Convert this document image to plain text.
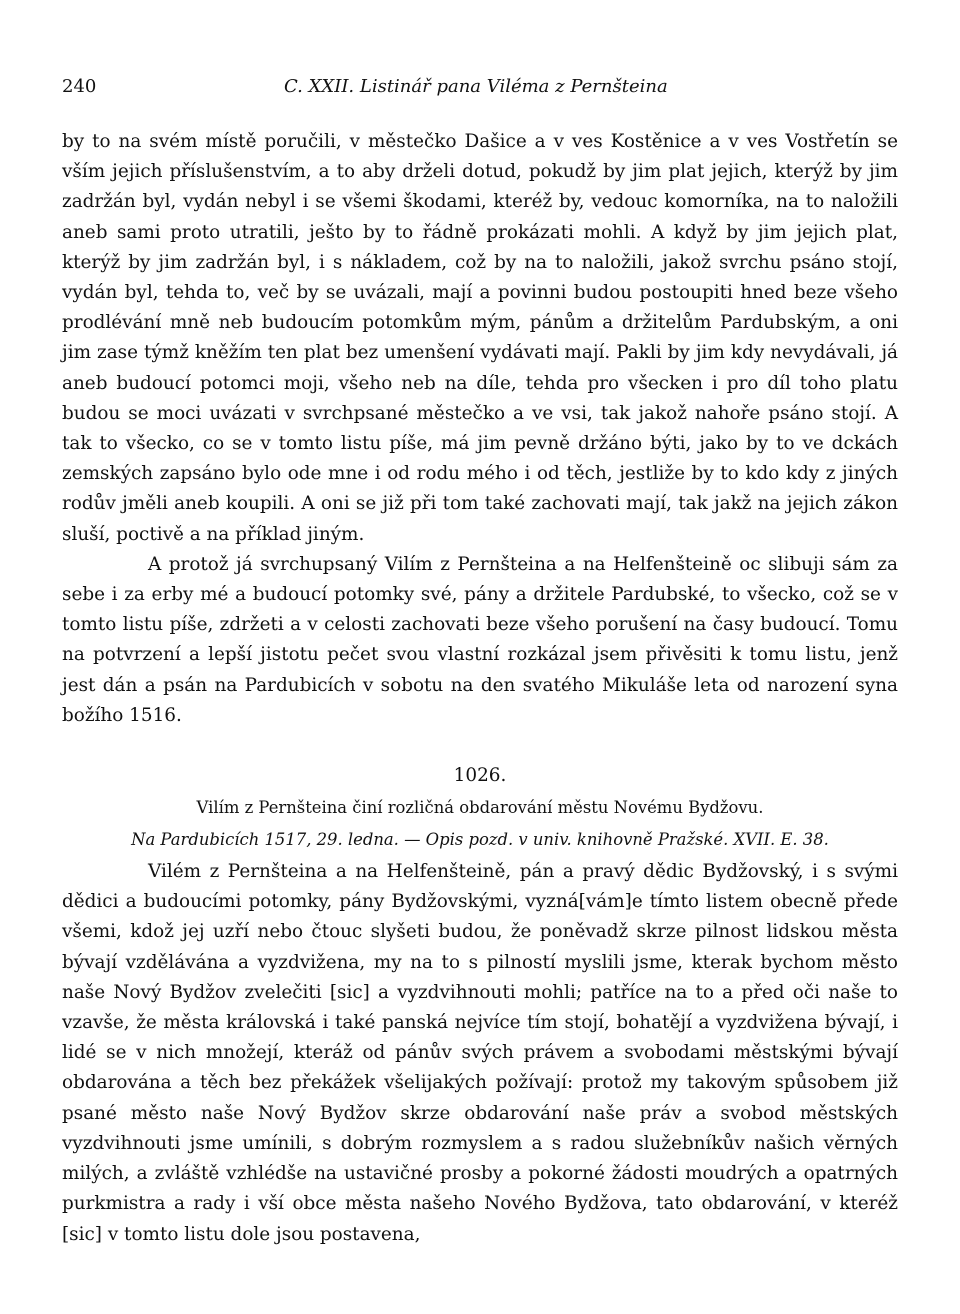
240	C. XXII. Listinář pana Viléma z Pernšteina

by to na svém místě poručili, v městečko Dašice a v ves Kostěnice a v ves Vostřetín se vším jejich příslušenstvím, a to aby drželi dotud, pokudž by jim plat jejich, kterýž by jim zadržán byl, vydán nebyl i se všemi škodami, kteréž by, vedouc komorníka, na to naložili aneb sami proto utratili, ješto by to řádně prokázati mohli. A když by jim jejich plat, kterýž by jim zadržán byl, i s nákladem, což by na to naložili, jakož svrchu psáno stojí, vydán byl, tehda to, več by se uvázali, mají a povinni budou postoupiti hned beze všeho prodlévání mně neb budoucím potomkům mým, pánům a držitelům Pardubským, a oni jim zase týmž kněžím ten plat bez umenšení vydávati mají. Pakli by jim kdy nevydávali, já aneb budoucí potomci moji, všeho neb na díle, tehda pro všecken i pro díl toho platu budou se moci uvázati v svrchpsané městečko a ve vsi, tak jakož nahoře psáno stojí. A tak to všecko, co se v tomto listu píše, má jim pevně držáno býti, jako by to ve dckách zemských zapsáno bylo ode mne i od rodu mého i od těch, jestliže by to kdo kdy z jiných rodův jměli aneb koupili. A oni se již při tom také zachovati mají, tak jakž na jejich zákon sluší, poctivě a na příklad jiným.

A protož já svrchupsaný Vilím z Pernšteina a na Helfenšteině oc slibuji sám za sebe i za erby mé a budoucí potomky své, pány a držitele Pardubské, to všecko, což se v tomto listu píše, zdržeti a v celosti zachovati beze všeho porušení na časy budoucí. Tomu na potvrzení a lepší jistotu pečet svou vlastní rozkázal jsem přivěsiti k tomu listu, jenž jest dán a psán na Pardubicích v sobotu na den svatého Mikuláše leta od narození syna božího 1516.

1026.
Vilím z Pernšteina činí rozličná obdarování městu Novému Bydžovu.
Na Pardubicích 1517, 29. ledna. — Opis pozd. v univ. knihovně Pražské. XVII. E. 38.

Vilém z Pernšteina a na Helfenšteině, pán a pravý dědic Bydžovský, i s svými dědici a budoucími potomky, pány Bydžovskými, vyzná[vám]e tímto listem obecně přede všemi, kdož jej uzří nebo čtouc slyšeti budou, že poněvadž skrze pilnost lidskou města bývají vzdělávána a vyzdvižena, my na to s pilností myslili jsme, kterak bychom město naše Nový Bydžov zvelečiti [sic] a vyzdvihnouti mohli; patříce na to a před oči naše to vzavše, že města královská i také panská nejvíce tím stojí, bohatějí a vyzdvižena bývají, i lidé se v nich množejí, kteráž od pánův svých právem a svobodami městskými bývají obdarována a těch bez překážek všelijakých požívají: protož my takovým spůsobem již psané město naše Nový Bydžov skrze obdarování naše práv a svobod městských vyzdvihnouti jsme umínili, s dobrým rozmyslem a s radou služebníkův našich věrných milých, a zvláště vzhlédše na ustavičné prosby a pokorné žádosti moudrých a opatrných purkmistra a rady i vší obce města našeho Nového Bydžova, tato obdarování, v kteréž [sic] v tomto listu dole jsou postavena,
